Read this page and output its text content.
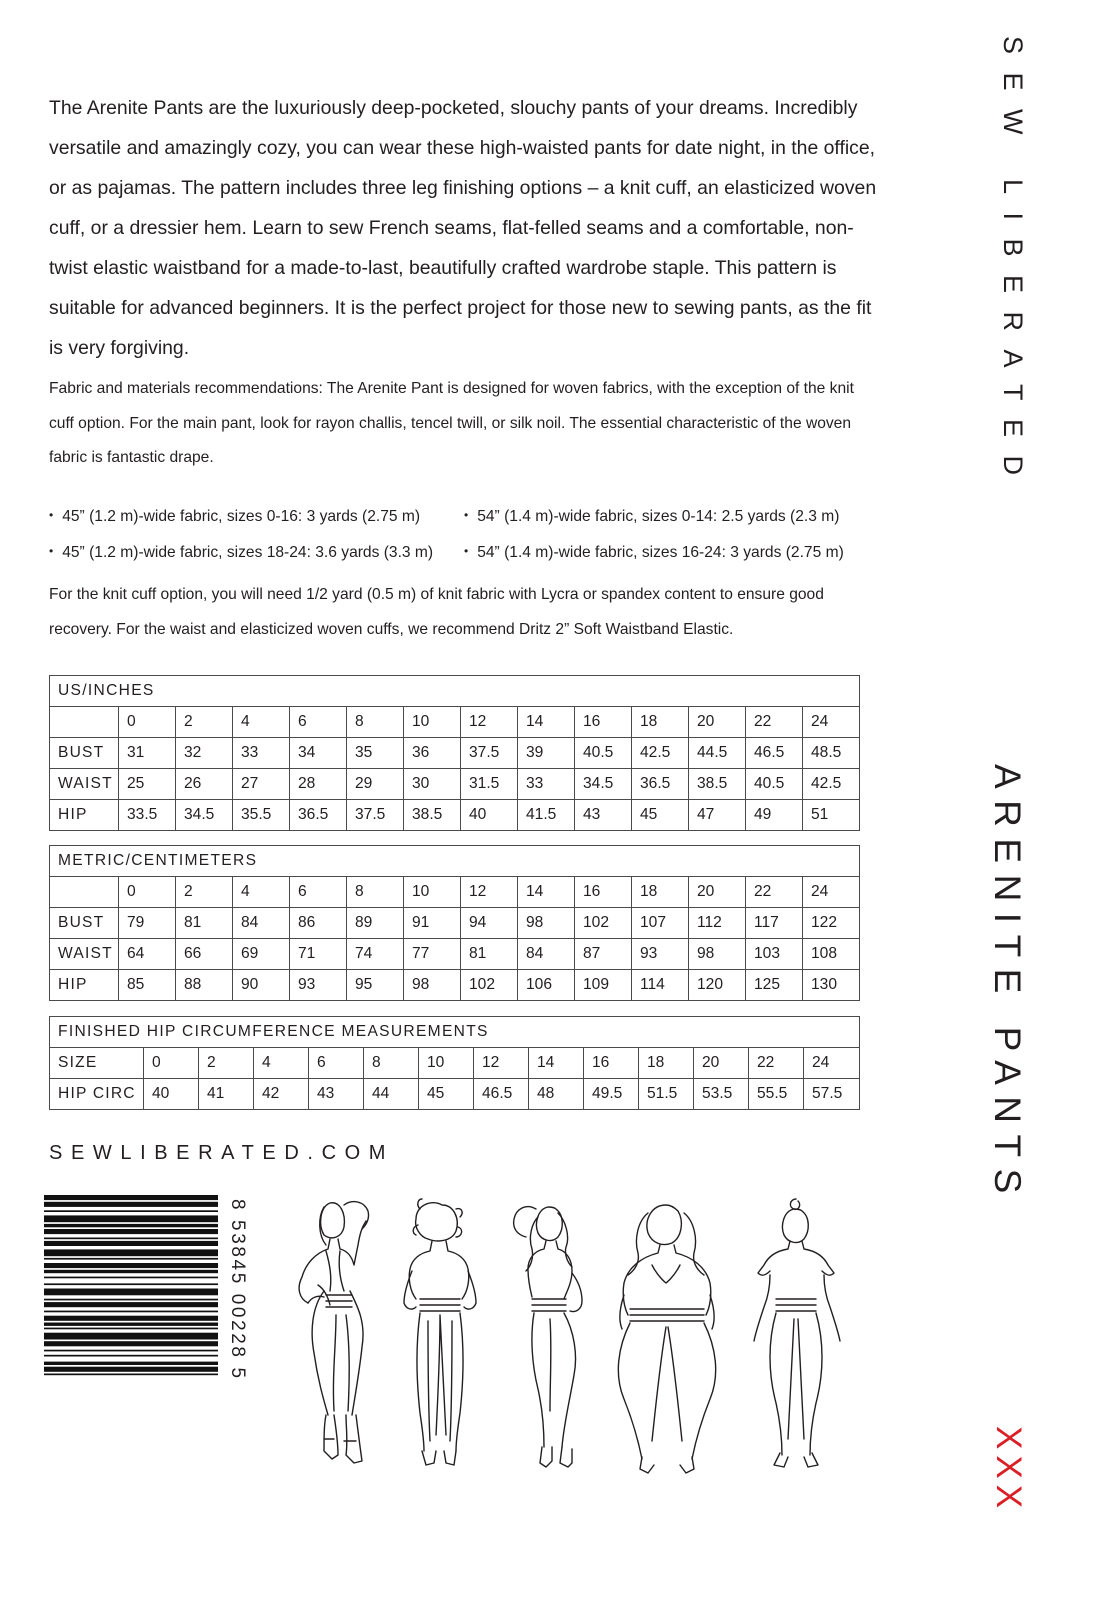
The Arenite Pants are the luxuriously deep-pocketed, slouchy pants of your dreams. Incredibly versatile and amazingly cozy, you can wear these high-waisted pants for date night, in the office, or as pajamas. The pattern includes three leg finishing options – a knit cuff, an elasticized woven cuff, or a dressier hem. Learn to sew French seams, flat-felled seams and a comfortable, non-twist elastic waistband for a made-to-last, beautifully crafted wardrobe staple. This pattern is suitable for advanced beginners. It is the perfect project for those new to sewing pants, as the fit is very forgiving.

Fabric and materials recommendations: The Arenite Pant is designed for woven fabrics, with the exception of the knit cuff option. For the main pant, look for rayon challis, tencel twill, or silk noil. The essential characteristic of the woven fabric is fantastic drape.

• 45” (1.2 m)-wide fabric, sizes 0-16: 3 yards (2.75 m)	• 54” (1.4 m)-wide fabric, sizes 0-14: 2.5 yards (2.3 m)
• 45” (1.2 m)-wide fabric, sizes 18-24: 3.6 yards (3.3 m)	• 54” (1.4 m)-wide fabric, sizes 16-24: 3 yards (2.75 m)

For the knit cuff option, you will need 1/2 yard (0.5 m) of knit fabric with Lycra or spandex content to ensure good recovery. For the waist and elasticized woven cuffs, we recommend Dritz 2” Soft Waistband Elastic.

US/INCHES													
	0	2	4	6	8	10	12	14	16	18	20	22	24
BUST	31	32	33	34	35	36	37.5	39	40.5	42.5	44.5	46.5	48.5
WAIST	25	26	27	28	29	30	31.5	33	34.5	36.5	38.5	40.5	42.5
HIP	33.5	34.5	35.5	36.5	37.5	38.5	40	41.5	43	45	47	49	51
METRIC/CENTIMETERS													
	0	2	4	6	8	10	12	14	16	18	20	22	24
BUST	79	81	84	86	89	91	94	98	102	107	112	117	122
WAIST	64	66	69	71	74	77	81	84	87	93	98	103	108
HIP	85	88	90	93	95	98	102	106	109	114	120	125	130
FINISHED HIP CIRCUMFERENCE MEASUREMENTS													
SIZE	0	2	4	6	8	10	12	14	16	18	20	22	24
HIP CIRC	40	41	42	43	44	45	46.5	48	49.5	51.5	53.5	55.5	57.5
SEWLIBERATED.COM
SEW LIBERATED
ARENITE PANTS
XXX
8 53845 00228 5
